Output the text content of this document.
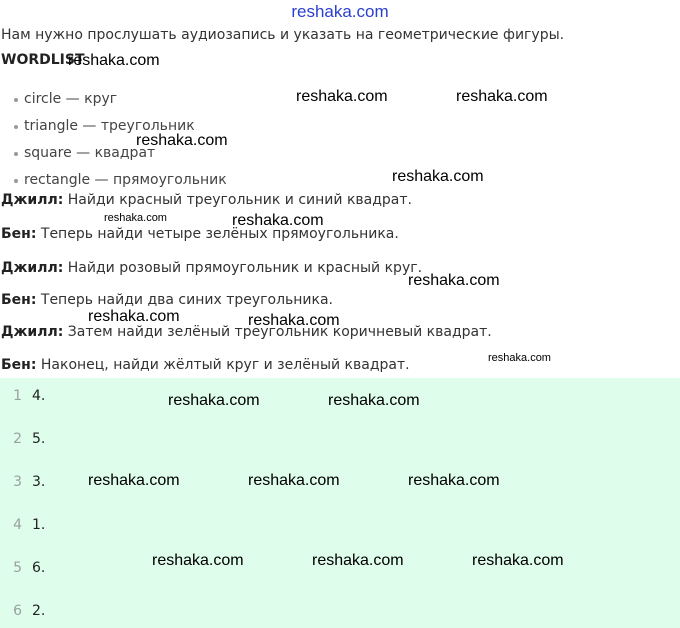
reshaka.com
Нам нужно прослушать аудиозапись и указать на геометрические фигуры.
WORDLIST
circle — круг
triangle — треугольник
square — квадрат
rectangle — прямоугольник
Джилл: Найди красный треугольник и синий квадрат.
Бен: Теперь найди четыре зелёных прямоугольника.
Джилл: Найди розовый прямоугольник и красный круг.
Бен: Теперь найди два синих треугольника.
Джилл: Затем найди зелёный треугольник коричневый квадрат.
Бен: Наконец, найди жёлтый круг и зелёный квадрат.
1 4.
2 5.
3 3.
4 1.
5 6.
6 2.
reshaka.com
reshaka.com	reshaka.com
reshaka.com
reshaka.com
reshaka.com	reshaka.com
reshaka.com
reshaka.com	reshaka.com
reshaka.com
reshaka.com	reshaka.com
reshaka.com	reshaka.com	reshaka.com
reshaka.com	reshaka.com	reshaka.com
